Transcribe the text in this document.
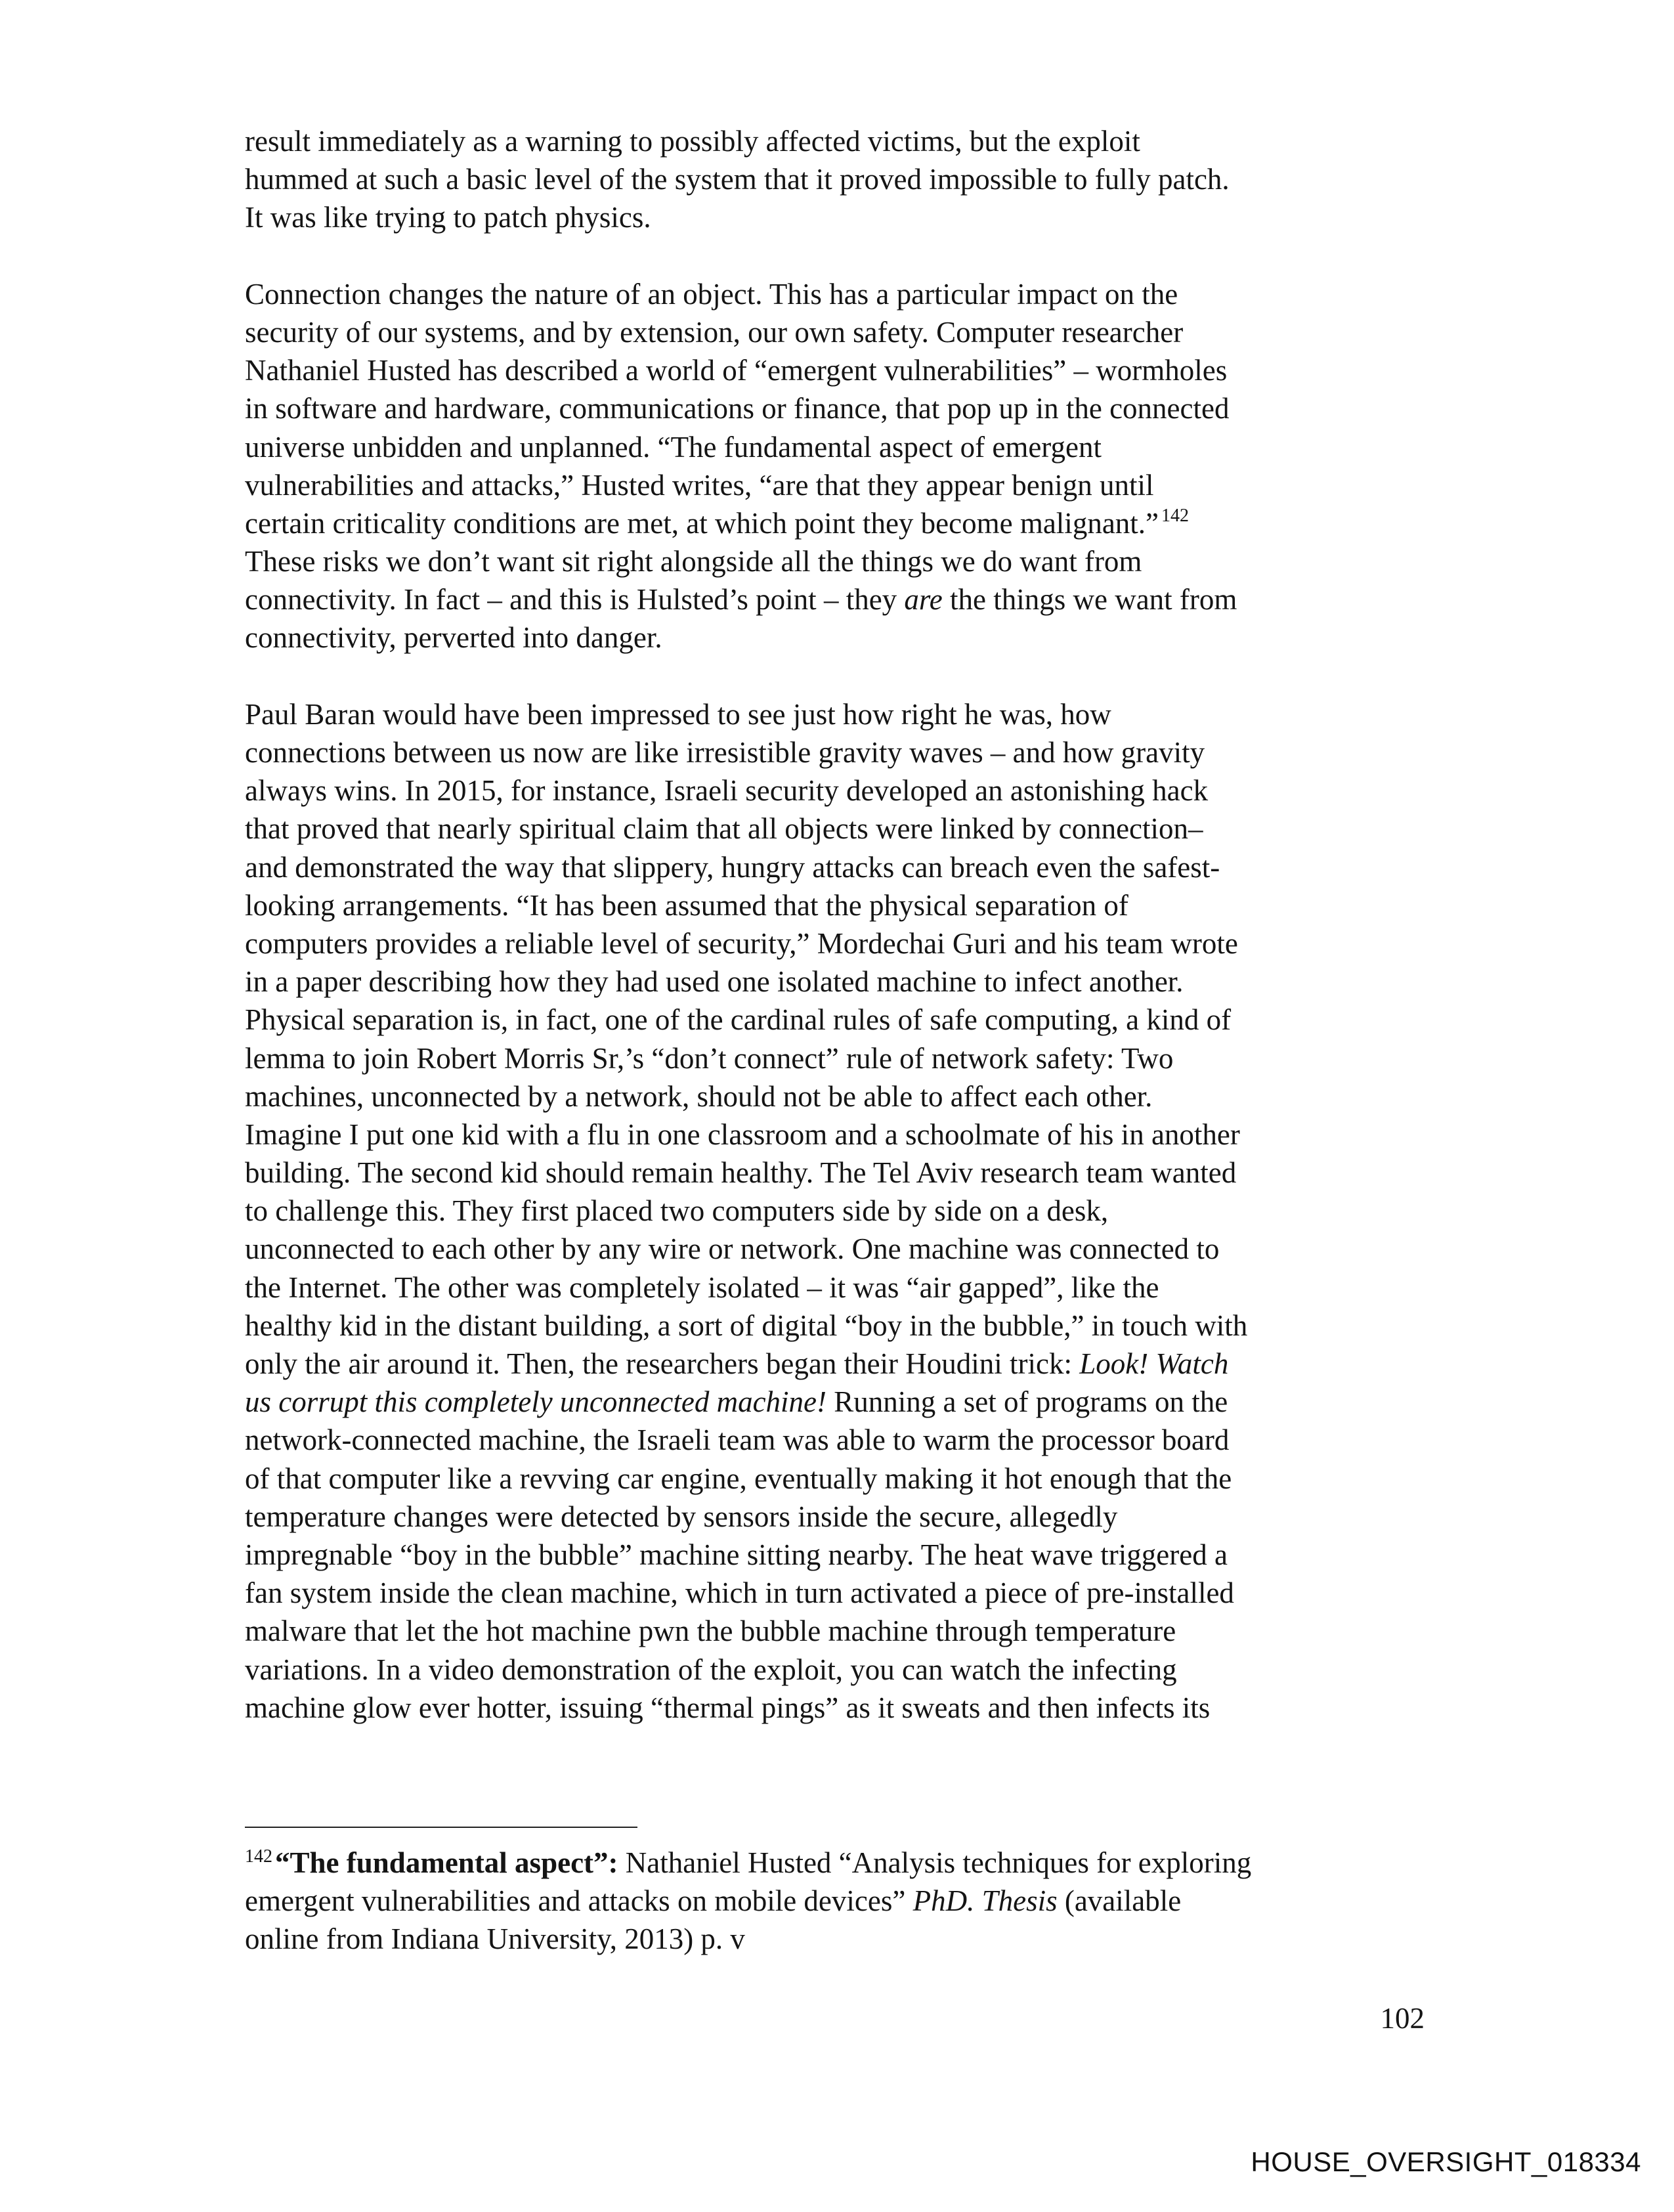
result immediately as a warning to possibly affected victims, but the exploit
hummed at such a basic level of the system that it proved impossible to fully patch.
It was like trying to patch physics.
Connection changes the nature of an object. This has a particular impact on the
security of our systems, and by extension, our own safety. Computer researcher
Nathaniel Husted has described a world of “emergent vulnerabilities” – wormholes
in software and hardware, communications or finance, that pop up in the connected
universe unbidden and unplanned. “The fundamental aspect of emergent
vulnerabilities and attacks,” Husted writes, “are that they appear benign until
certain criticality conditions are met, at which point they become malignant.” $^{142}$
These risks we don’t want sit right alongside all the things we do want from
connectivity. In fact – and this is Hulsted’s point – they are the things we want from
connectivity, perverted into danger.
Paul Baran would have been impressed to see just how right he was, how
connections between us now are like irresistible gravity waves – and how gravity
always wins. In 2015, for instance, Israeli security developed an astonishing hack
that proved that nearly spiritual claim that all objects were linked by connection–
and demonstrated the way that slippery, hungry attacks can breach even the safest-
looking arrangements. “It has been assumed that the physical separation of
computers provides a reliable level of security,” Mordechai Guri and his team wrote
in a paper describing how they had used one isolated machine to infect another.
Physical separation is, in fact, one of the cardinal rules of safe computing, a kind of
lemma to join Robert Morris Sr,’s “don’t connect” rule of network safety: Two
machines, unconnected by a network, should not be able to affect each other.
Imagine I put one kid with a flu in one classroom and a schoolmate of his in another
building. The second kid should remain healthy. The Tel Aviv research team wanted
to challenge this. They first placed two computers side by side on a desk,
unconnected to each other by any wire or network. One machine was connected to
the Internet. The other was completely isolated – it was “air gapped”, like the
healthy kid in the distant building, a sort of digital “boy in the bubble,” in touch with
only the air around it. Then, the researchers began their Houdini trick: Look! Watch
us corrupt this completely unconnected machine! Running a set of programs on the
network-connected machine, the Israeli team was able to warm the processor board
of that computer like a revving car engine, eventually making it hot enough that the
temperature changes were detected by sensors inside the secure, allegedly
impregnable “boy in the bubble” machine sitting nearby. The heat wave triggered a
fan system inside the clean machine, which in turn activated a piece of pre-installed
malware that let the hot machine pwn the bubble machine through temperature
variations. In a video demonstration of the exploit, you can watch the infecting
machine glow ever hotter, issuing “thermal pings” as it sweats and then infects its
$^{142}$“The fundamental aspect”: Nathaniel Husted “Analysis techniques for exploring
emergent vulnerabilities and attacks on mobile devices” PhD. Thesis (available
online from Indiana University, 2013) p. v
102
HOUSE_OVERSIGHT_018334
